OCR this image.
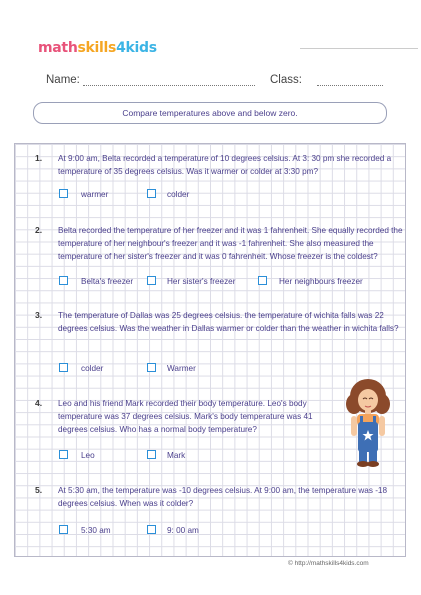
mathskills4kids
Name:	Class:
Compare temperatures above and below zero.
1. At 9:00 am, Belta recorded a temperature of 10 degrees celsius. At 3: 30 pm she recorded a temperature of 35 degrees celsius. Was it warmer or colder at 3:30 pm?
warmer	colder
2. Belta recorded the temperature of her freezer and it was 1 fahrenheit. She equally recorded the temperature of her neighbour's freezer and it was -1 fahrenheit. She also measured the temperature of her sister's freezer and it was 0 fahrenheit. Whose freezer is the coldest?
Belta's freezer	Her sister's freezer	Her neighbours freezer
3. The temperature of Dallas was 25 degrees celsius. the temperature of wichita falls was 22 degrees celsius. Was the weather in Dallas warmer or colder than the weather in wichita falls?
colder	Warmer
4. Leo and his friend Mark recorded their body temperature. Leo's body temperature was 37 degrees celsius. Mark's body temperature was 41 degrees celsius. Who has a normal body temperature?
Leo	Mark
5. At 5:30 am, the temperature was -10 degrees celsius. At 9:00 am, the temperature was -18 degrees celsius. When was it colder?
5:30 am	9: 00 am
© http://mathskills4kids.com
